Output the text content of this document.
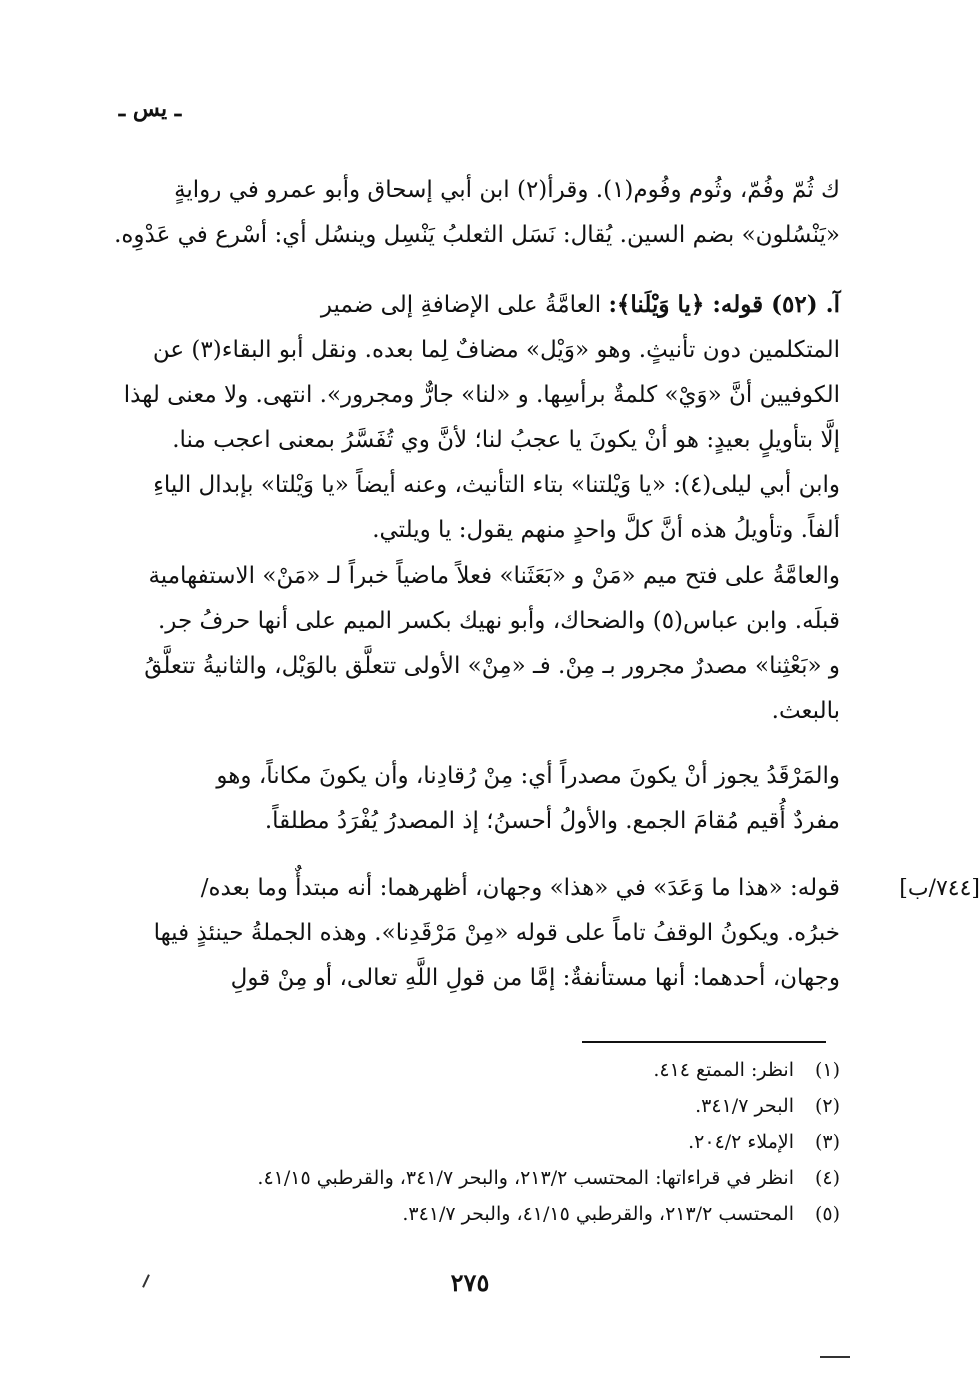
ـ يس ـ

ك ثُمّ وفُمّ، وثُوم وفُوم(١). وقرأ(٢) ابن أبي إسحاق وأبو عمرو في روايةٍ

«يَنْسُلون» بضم السين. يُقال: نَسَل الثعلبُ يَنْسِل وينسُل أي: أسْرع في عَدْوِه.

آ. (٥٢) قوله: ﴿يا وَيْلَنا﴾: العامَّةُ على الإضافةِ إلى ضمير

المتكلمين دون تأنيثٍ. وهو «وَيْل» مضافٌ لِما بعده. ونقل أبو البقاء(٣) عن

الكوفيين أنَّ «وَيْ» كلمةٌ برأسِها. و «لنا» جارٌّ ومجرور». انتهى. ولا معنى لهذا

إلَّا بتأويلٍ بعيدٍ: هو أنْ يكونَ يا عجبُ لنا؛ لأنَّ وي تُفَسَّرُ بمعنى اعجب منا.

وابن أبي ليلى(٤): «يا وَيْلتنا» بتاء التأنيث، وعنه أيضاً «يا وَيْلتا» بإبدال الياءِ

ألفاً. وتأويلُ هذه أنَّ كلَّ واحدٍ منهم يقول: يا ويلتي.

والعامَّةُ على فتح ميم «مَنْ و «بَعَثَنا» فعلاً ماضياً خبراً لـ «مَنْ» الاستفهامية

قبلَه. وابن عباس(٥) والضحاك، وأبو نهيك بكسر الميم على أنها حرفُ جر.

و «بَعْثِنا» مصدرٌ مجرور بـ مِنْ. فـ «مِنْ» الأولى تتعلَّق بالوَيْل، والثانيةُ تتعلَّقُ

بالبعث.

والمَرْقَدُ يجوز أنْ يكونَ مصدراً أي: مِنْ رُقادِنا، وأن يكونَ مكاناً، وهو

مفردٌ أُقيم مُقامَ الجمع. والأولُ أحسنُ؛ إذ المصدرُ يُفْرَدُ مطلقاً.

[٧٤٤/ب]

قوله: «هذا ما وَعَدَ» في «هذا» وجهان، أظهرهما: أنه مبتدأٌ وما بعده/

خبرُه. ويكونُ الوقفُ تاماً على قوله «مِنْ مَرْقَدِنا». وهذه الجملةُ حينئذٍ فيها

وجهان، أحدهما: أنها مستأنفةٌ: إمَّا من قولِ اللَّهِ تعالى، أو مِنْ قولِ

(١)انظر: الممتع ٤١٤.
(٢)البحر ٣٤١/٧.
(٣)الإملاء ٢٠٤/٢.
(٤)انظر في قراءاتها: المحتسب ٢١٣/٢، والبحر ٣٤١/٧، والقرطبي ٤١/١٥.
(٥)المحتسب ٢١٣/٢، والقرطبي ٤١/١٥، والبحر ٣٤١/٧.
٢٧٥
